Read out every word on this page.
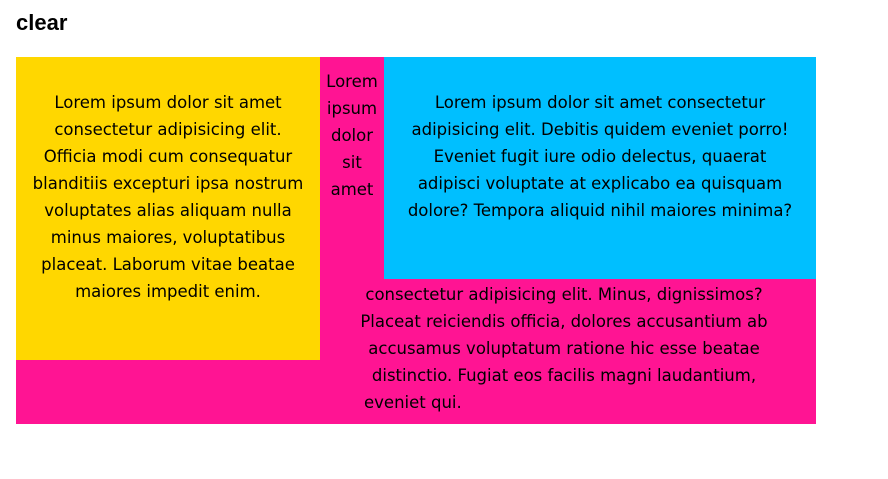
clear
Lorem ipsum dolor sit amet consectetur adipisicing elit. Officia modi cum consequatur blanditiis excepturi ipsa nostrum voluptates alias aliquam nulla minus maiores, voluptatibus placeat. Laborum vitae beatae maiores impedit enim.
Lorem ipsum dolor sit amet
Lorem ipsum dolor sit amet consectetur adipisicing elit. Debitis quidem eveniet porro! Eveniet fugit iure odio delectus, quaerat adipisci voluptate at explicabo ea quisquam dolore? Tempora aliquid nihil maiores minima?
consectetur adipisicing elit. Minus, dignissimos?
Placeat reiciendis officia, dolores accusantium ab
accusamus voluptatum ratione hic esse beatae
distinctio. Fugiat eos facilis magni laudantium,
eveniet qui.
